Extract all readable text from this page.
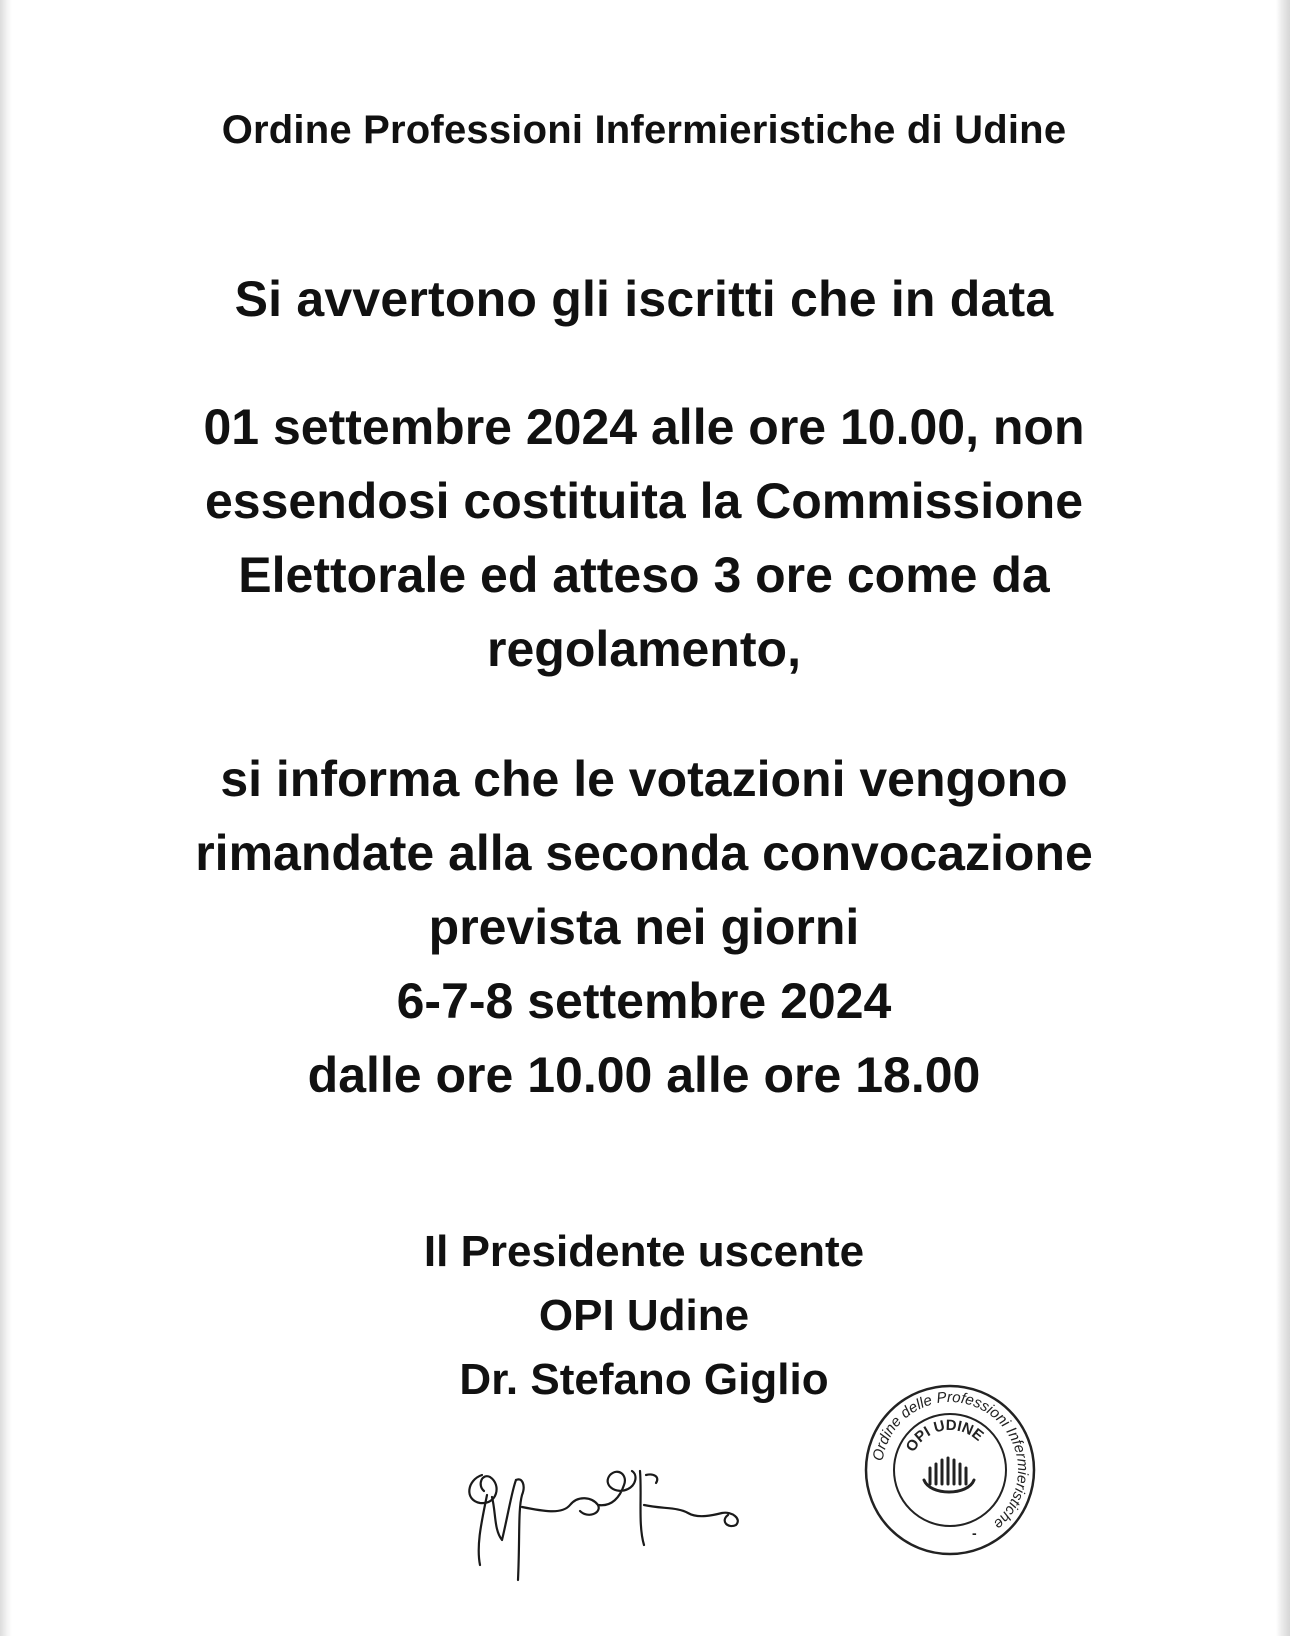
Ordine Professioni Infermieristiche di Udine
Si avvertono gli iscritti che in data
01 settembre 2024 alle ore 10.00, non
essendosi costituita la Commissione
Elettorale ed atteso 3 ore come da
regolamento,
si informa che le votazioni vengono
rimandate alla seconda convocazione
prevista nei giorni
6-7-8 settembre 2024
dalle ore 10.00 alle ore 18.00
Il Presidente uscente
OPI Udine
Dr. Stefano Giglio
Ordine delle Professioni Infermieristiche
OPI UDINE
-
